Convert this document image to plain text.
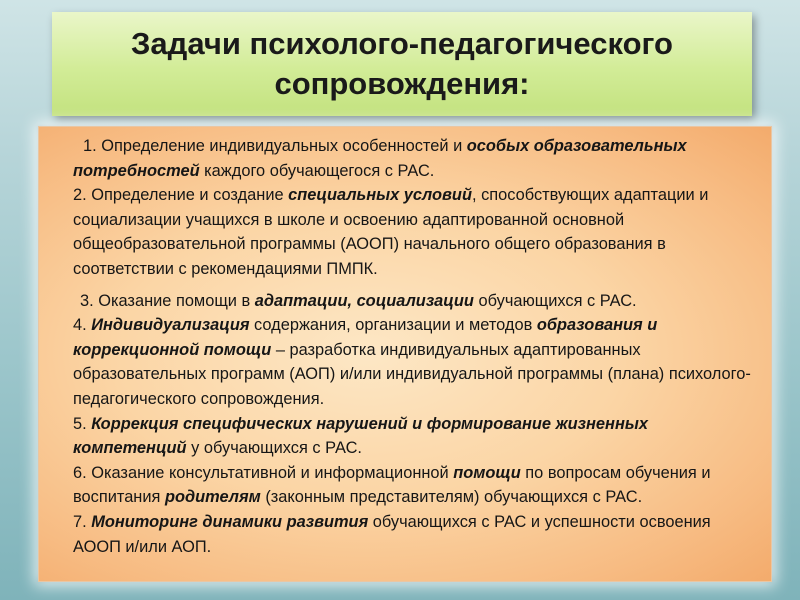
Задачи психолого-педагогического
сопровождения:
1. Определение индивидуальных особенностей и особых образовательных потребностей каждого обучающегося с РАС.
2. Определение и создание специальных условий, способствующих адаптации и социализации учащихся в школе и освоению адаптированной основной общеобразовательной программы (АООП) начального общего образования в соответствии с рекомендациями ПМПК.
3. Оказание помощи в адаптации, социализации обучающихся с РАС.
4. Индивидуализация содержания, организации и методов образования и коррекционной помощи – разработка индивидуальных адаптированных образовательных программ (АОП) и/или индивидуальной программы (плана) психолого-педагогического сопровождения.
5. Коррекция специфических нарушений и формирование жизненных компетенций у обучающихся с РАС.
6. Оказание консультативной и информационной помощи по вопросам обучения и воспитания родителям (законным представителям) обучающихся с РАС.
7. Мониторинг динамики развития обучающихся с РАС и успешности освоения АООП и/или АОП.
